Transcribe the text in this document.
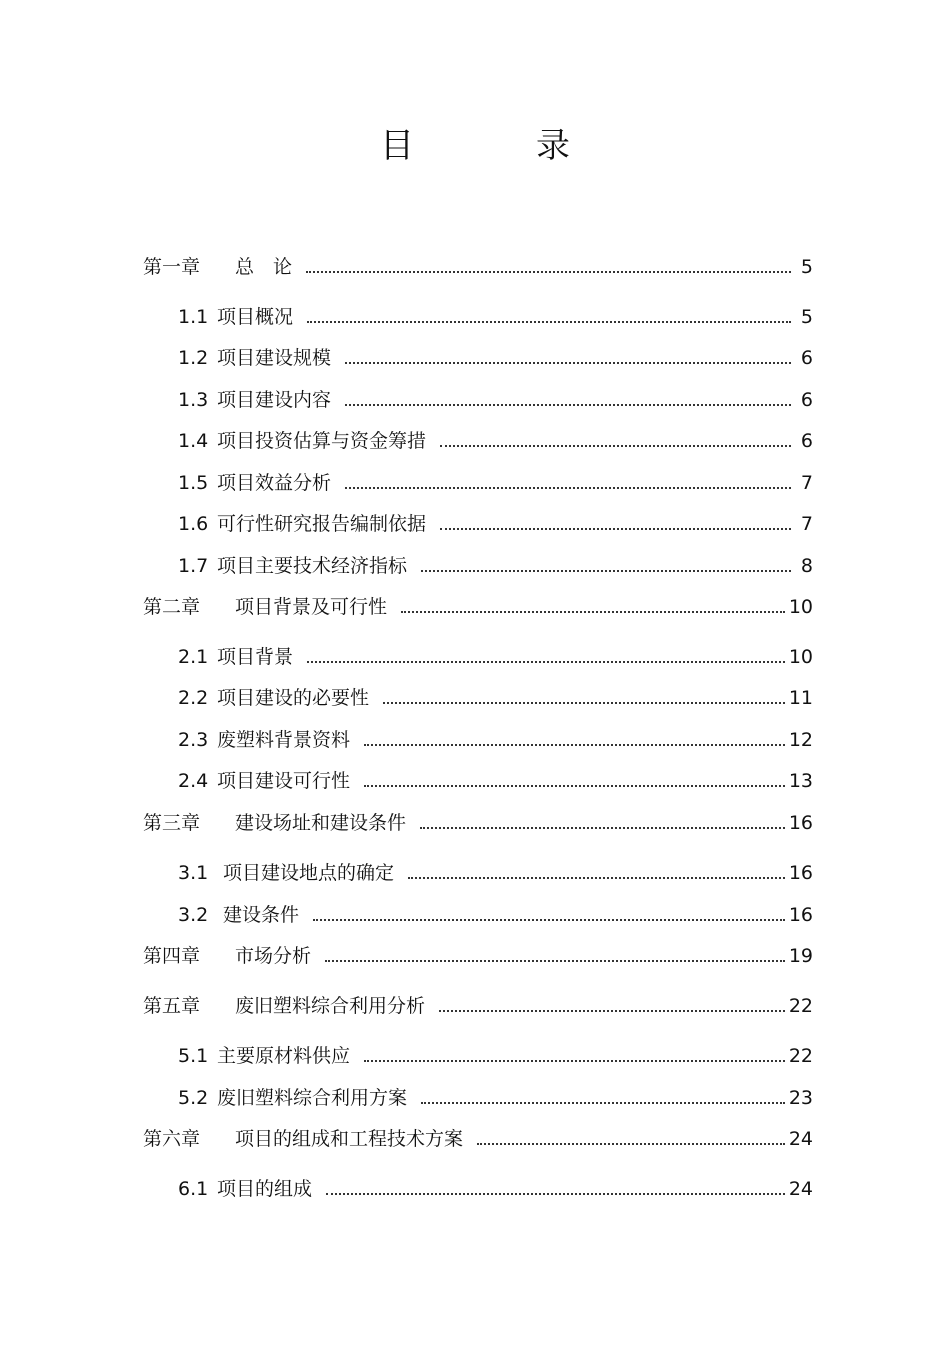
目　录
第一章	总　论	5
1.1 项目概况	5
1.2 项目建设规模	6
1.3 项目建设内容	6
1.4 项目投资估算与资金筹措	6
1.5 项目效益分析	7
1.6 可行性研究报告编制依据	7
1.7 项目主要技术经济指标	8
第二章	项目背景及可行性	10
2.1 项目背景	10
2.2 项目建设的必要性	11
2.3 废塑料背景资料	12
2.4 项目建设可行性	13
第三章	建设场址和建设条件	16
3.1 项目建设地点的确定	16
3.2 建设条件	16
第四章	市场分析	19
第五章	废旧塑料综合利用分析	22
5.1 主要原材料供应	22
5.2 废旧塑料综合利用方案	23
第六章	项目的组成和工程技术方案	24
6.1 项目的组成	24
